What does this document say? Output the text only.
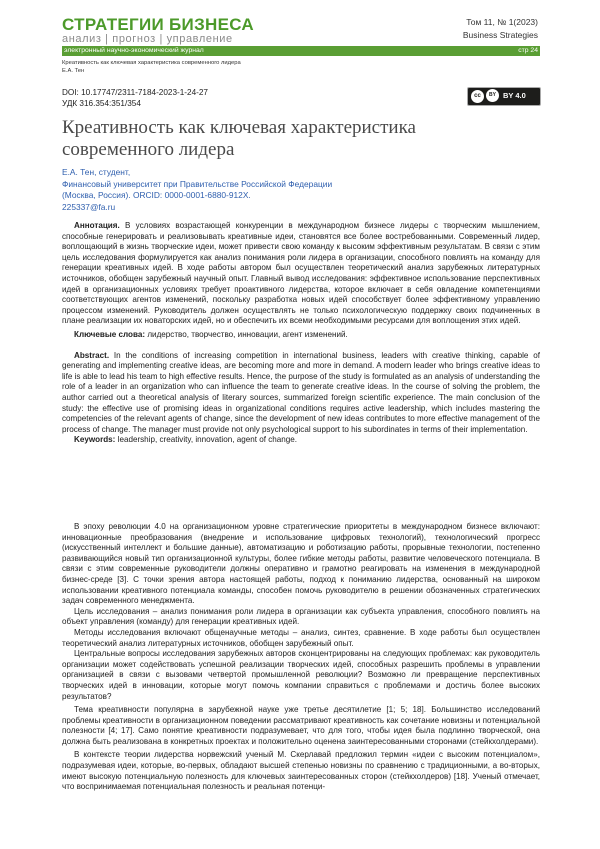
СТРАТЕГИИ БИЗНЕСА
анализ | прогноз | управление
Том 11, № 1(2023)
Business Strategies
электронный научно-экономический журнал	стр 24
Креативность как ключевая характеристика современного лидера
Е.А. Тен
DOI: 10.17747/2311-7184-2023-1-24-27
УДК 316.354:351/354
cc	BY BY 4.0
Креативность как ключевая характеристика современного лидера
Е.А. Тен, студент,
Финансовый университет при Правительстве Российской Федерации
(Москва, Россия). ORCID: 0000-0001-6880-912X.
225337@fa.ru

Аннотация. В условиях возрастающей конкуренции в международном бизнесе лидеры с творческим мышлением, способные генерировать и реализовывать креативные идеи, становятся все более востребованными. Современный лидер, воплощающий в жизнь творческие идеи, может привести свою команду к высоким эффективным результатам. В связи с этим цель исследования формулируется как анализ понимания роли лидера в организации, способного повлиять на команду для генерации креативных идей. В ходе работы автором был осуществлен теоретический анализ зарубежных литературных источников, обобщен зарубежный научный опыт. Главный вывод исследования: эффективное использование перспективных идей в организационных условиях требует проактивного лидерства, которое включает в себя овладение компетенциями соответствующих агентов изменений, поскольку разработка новых идей способствует более эффективному управлению процессом изменений. Руководитель должен осуществлять не только психологическую поддержку своих подчиненных в плане реализации их новаторских идей, но и обеспечить их всеми необходимыми ресурсами для воплощения этих идей.

Ключевые слова: лидерство, творчество, инновации, агент изменений.

Abstract. In the conditions of increasing competition in international business, leaders with creative thinking, capable of generating and implementing creative ideas, are becoming more and more in demand. A modern leader who brings creative ideas to life is able to lead his team to high effective results. Hence, the purpose of the study is formulated as an analysis of understanding the role of a leader in an organization who can influence the team to generate creative ideas. In the course of solving the problem, the author carried out a theoretical analysis of literary sources, summarized foreign scientific experience. The main conclusion of the study: the effective use of promising ideas in organizational conditions requires active leadership, which includes mastering the competencies of the relevant agents of change, since the development of new ideas contributes to more effective management of the process of change. The manager must provide not only psychological support to his subordinates in terms of their implementation.

Keywords: leadership, creativity, innovation, agent of change.

В эпоху революции 4.0 на организационном уровне стратегические приоритеты в международном бизнесе включают: инновационные преобразования (внедрение и использование цифровых технологий), технологический прогресс (искусственный интеллект и большие данные), автоматизацию и роботизацию работы, прорывные технологии, постепенно развивающийся новый тип организационной культуры, более гибкие методы работы, развитие человеческого потенциала. В связи с этим современные руководители должны оперативно и грамотно реагировать на изменения в международной бизнес-среде [3]. С точки зрения автора настоящей работы, подход к пониманию лидерства, основанный на широком использовании креативного потенциала команды, способен помочь руководителю в решении обозначенных стратегических задач современного менеджмента.

Цель исследования – анализ понимания роли лидера в организации как субъекта управления, способного повлиять на объект управления (команду) для генерации креативных идей.

Методы исследования включают общенаучные методы – анализ, синтез, сравнение. В ходе работы был осуществлен теоретический анализ литературных источников, обобщен зарубежный опыт.

Центральные вопросы исследования зарубежных авторов сконцентрированы на следующих проблемах: как руководитель организации может содействовать успешной реализации творческих идей, способных разрешить проблемы в управлении организацией в связи с вызовами четвертой промышленной революции? Возможно ли превращение перспективных творческих идей в инновации, которые могут помочь компании справиться с проблемами и достичь более высоких результатов?

Тема креативности популярна в зарубежной науке уже третье десятилетие [1; 5; 18]. Большинство исследований проблемы креативности в организационном поведении рассматривают креативность как сочетание новизны и потенциальной полезности [4; 17]. Само понятие креативности подразумевает, что для того, чтобы идея была подлинно творческой, она должна быть реализована в конкретных проектах и положительно оценена заинтересованными сторонами (стейкхолдерами).

В контексте теории лидерства норвежский ученый М. Скерлавай предложил термин «идеи с высоким потенциалом», подразумевая идеи, которые, во-первых, обладают высшей степенью новизны по сравнению с традиционными, а во-вторых, имеют высокую потенциальную полезность для ключевых заинтересованных сторон (стейкхолдеров) [18]. Ученый отмечает, что воспринимаемая потенциальная полезность и реальная потенци-
